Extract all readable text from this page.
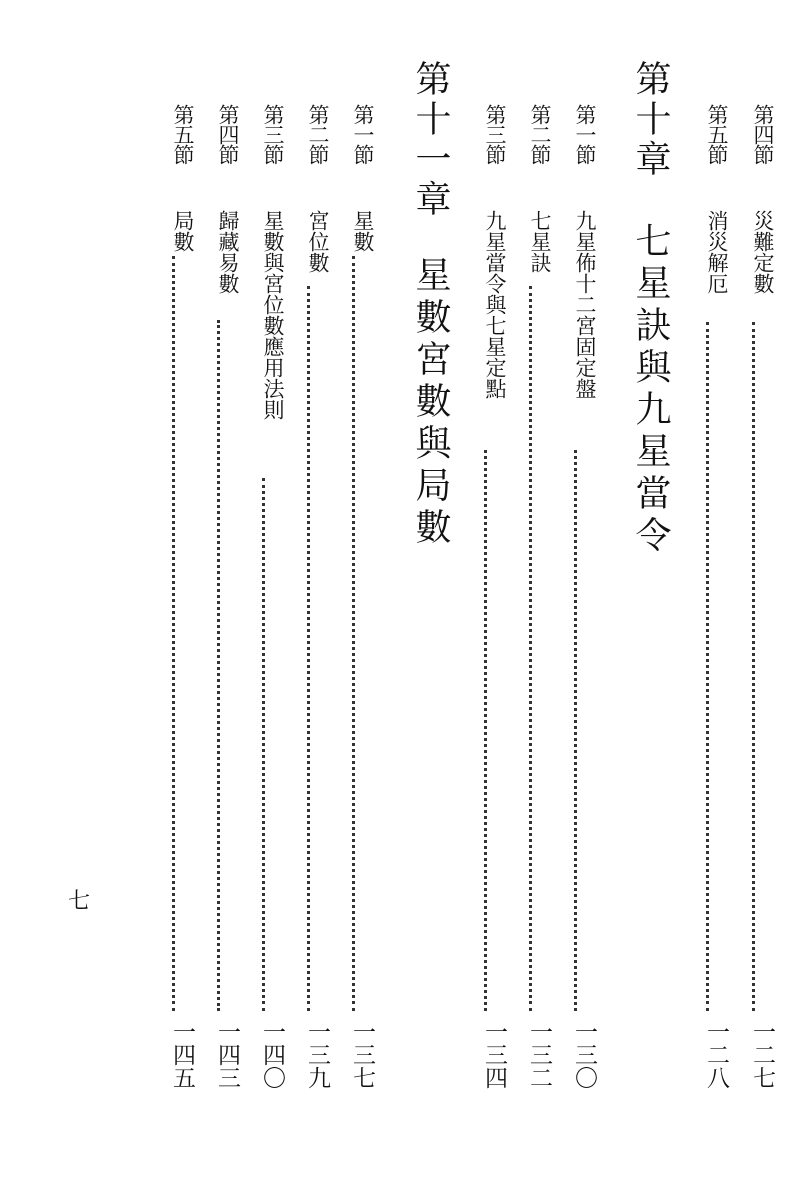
第四節
災難定數
一二七
第五節
消災解厄
一二八
第十章
七星訣與九星當令
第一節
九星佈十二宮固定盤
一三〇
第二節
七星訣
一三二
第三節
九星當令與七星定點
一三四
第十一章
星數宮數與局數
第一節
星數
一三七
第二節
宮位數
一三九
第三節
星數與宮位數應用法則
一四〇
第四節
歸藏易數
一四三
第五節
局數
一四五
七
